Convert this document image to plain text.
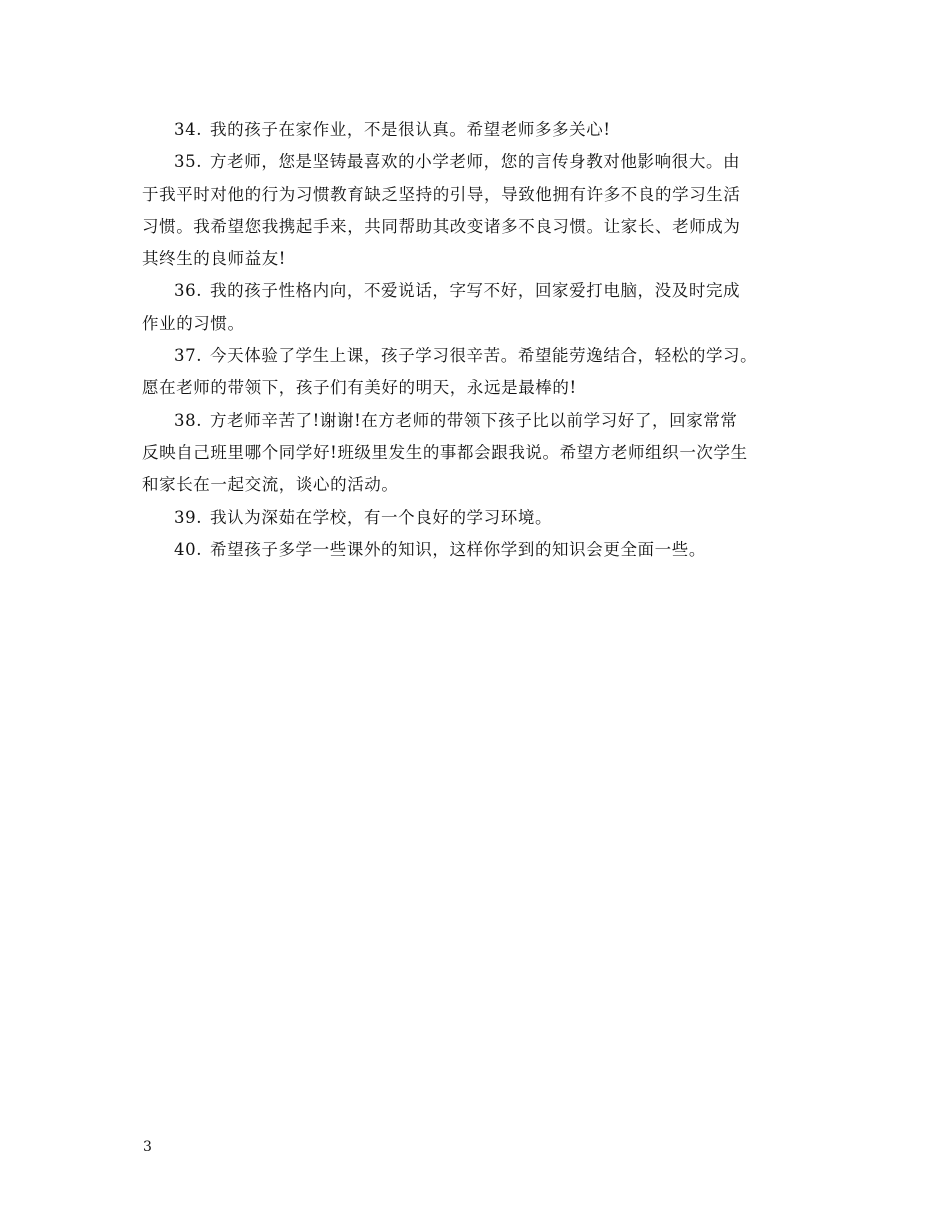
34. 我的孩子在家作业，不是很认真。希望老师多多关心!
35. 方老师，您是坚铸最喜欢的小学老师，您的言传身教对他影响很大。由
于我平时对他的行为习惯教育缺乏坚持的引导，导致他拥有许多不良的学习生活
习惯。我希望您我携起手来，共同帮助其改变诸多不良习惯。让家长、老师成为
其终生的良师益友!
36. 我的孩子性格内向，不爱说话，字写不好，回家爱打电脑，没及时完成
作业的习惯。
37. 今天体验了学生上课，孩子学习很辛苦。希望能劳逸结合，轻松的学习。
愿在老师的带领下，孩子们有美好的明天，永远是最棒的!
38. 方老师辛苦了!谢谢!在方老师的带领下孩子比以前学习好了，回家常常
反映自己班里哪个同学好!班级里发生的事都会跟我说。希望方老师组织一次学生
和家长在一起交流，谈心的活动。
39. 我认为深茹在学校，有一个良好的学习环境。
40. 希望孩子多学一些课外的知识，这样你学到的知识会更全面一些。
3
